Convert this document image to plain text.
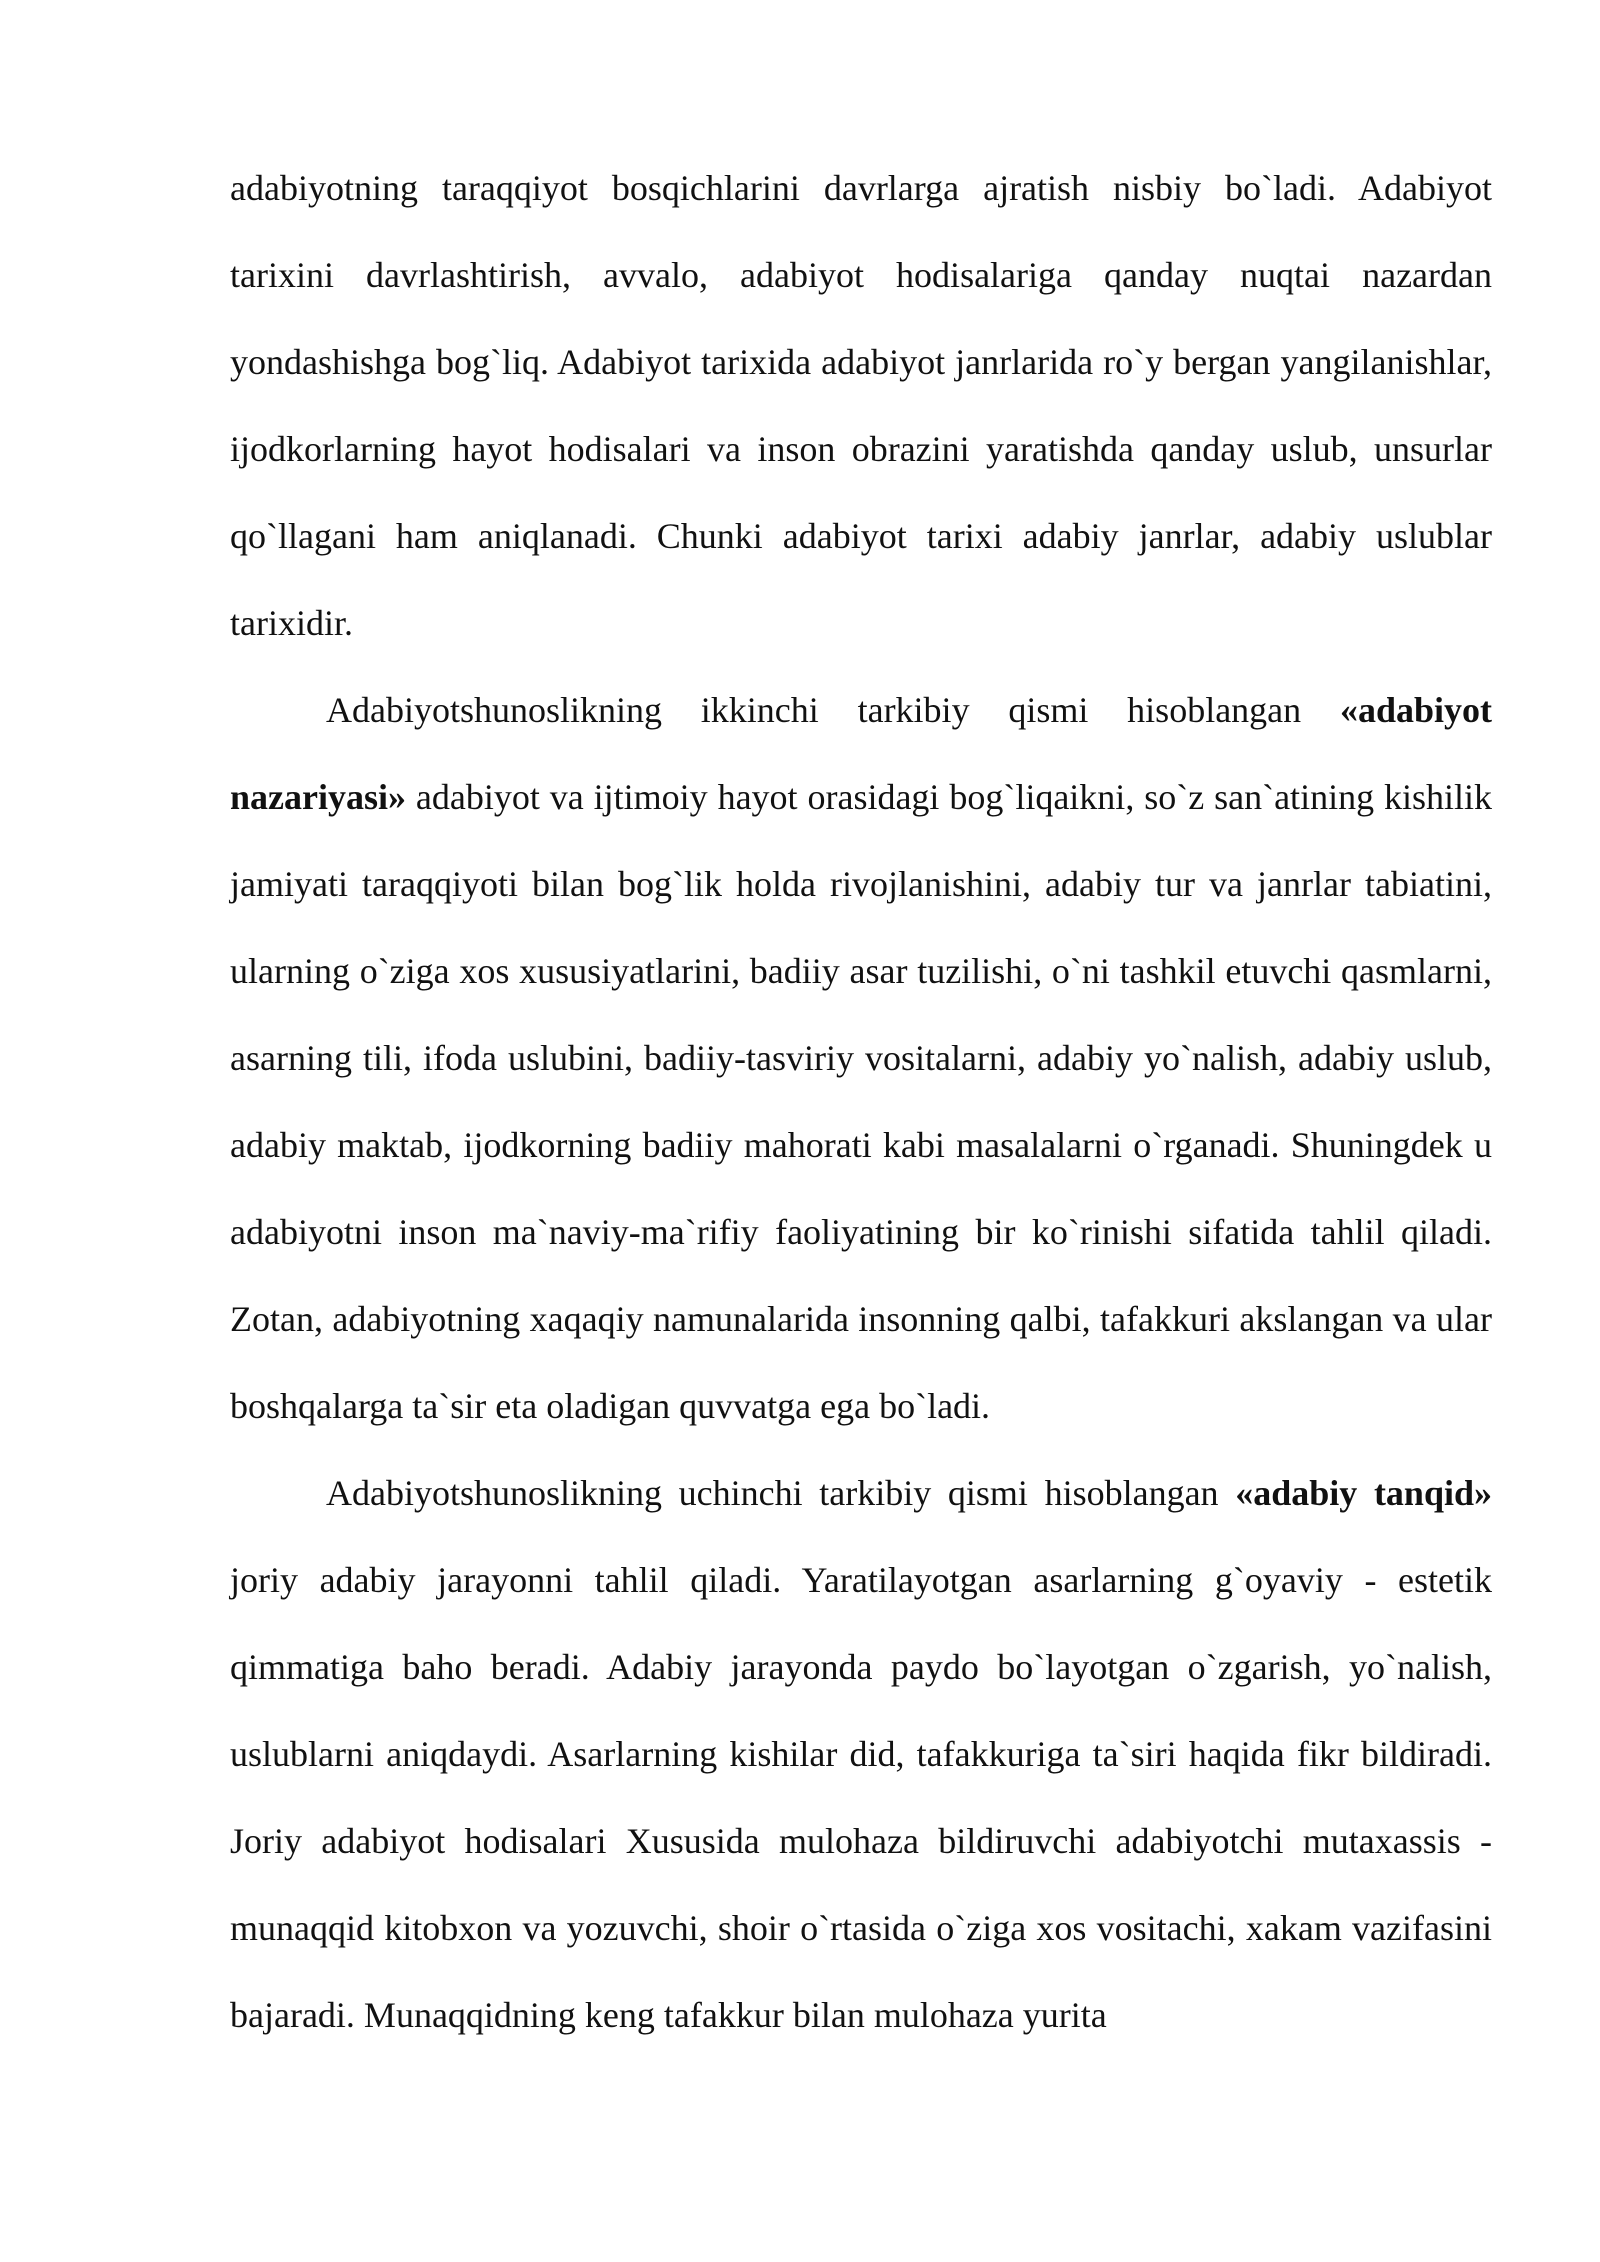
adabiyotning taraqqiyot bosqichlarini davrlarga ajratish nisbiy bo`ladi. Adabiyot tarixini davrlashtirish, avvalo, adabiyot hodisalariga qanday nuqtai nazardan yondashishga bog`liq. Adabiyot tarixida adabiyot janrlarida ro`y bergan yangilanishlar, ijodkorlarning hayot hodisalari va inson obrazini yaratishda qanday uslub, unsurlar qo`llagani ham aniqlanadi. Chunki adabiyot tarixi adabiy janrlar, adabiy uslublar tarixidir.

Adabiyotshunoslikning ikkinchi tarkibiy qismi hisoblangan «adabiyot nazariyasi» adabiyot va ijtimoiy hayot orasidagi bog`liqaikni, so`z san`atining kishilik jamiyati taraqqiyoti bilan bog`lik holda rivojlanishini, adabiy tur va janrlar tabiatini, ularning o`ziga xos xususiyatlarini, badiiy asar tuzilishi, o`ni tashkil etuvchi qasmlarni, asarning tili, ifoda uslubini, badiiy-tasviriy vositalarni, adabiy yo`nalish, adabiy uslub, adabiy maktab, ijodkorning badiiy mahorati kabi masalalarni o`rganadi. Shuningdek u adabiyotni inson ma`naviy-ma`rifiy faoliyatining bir ko`rinishi sifatida tahlil qiladi. Zotan, adabiyotning xaqaqiy namunalarida insonning qalbi, tafakkuri akslangan va ular boshqalarga ta`sir eta oladigan quvvatga ega bo`ladi.

Adabiyotshunoslikning uchinchi tarkibiy qismi hisoblangan «adabiy tanqid» joriy adabiy jarayonni tahlil qiladi. Yaratilayotgan asarlarning g`oyaviy - estetik qimmatiga baho beradi. Adabiy jarayonda paydo bo`layotgan o`zgarish, yo`nalish, uslublarni aniqdaydi. Asarlarning kishilar did, tafakkuriga ta`siri haqida fikr bildiradi. Joriy adabiyot hodisalari Xususida mulohaza bildiruvchi adabiyotchi mutaxassis - munaqqid kitobxon va yozuvchi, shoir o`rtasida o`ziga xos vositachi, xakam vazifasini bajaradi. Munaqqidning keng tafakkur bilan mulohaza yurita
